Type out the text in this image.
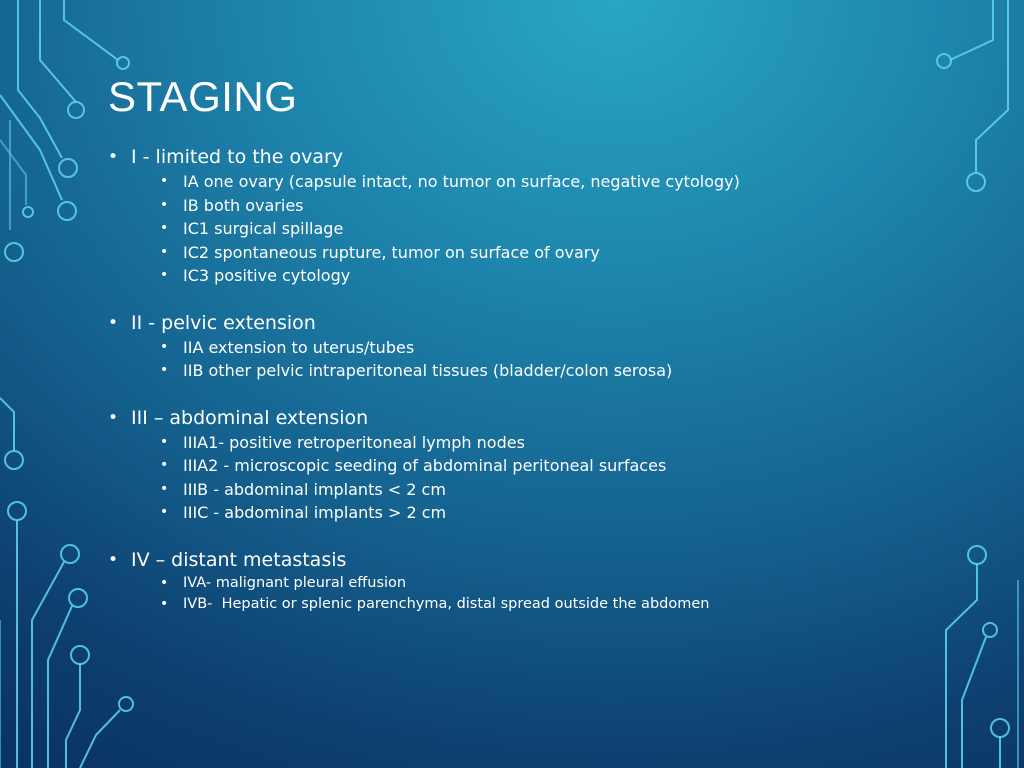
STAGING
• I - limited to the ovary
• IA one ovary (capsule intact, no tumor on surface, negative cytology)
• IB both ovaries
• IC1 surgical spillage
• IC2 spontaneous rupture, tumor on surface of ovary
• IC3 positive cytology
• II - pelvic extension
• IIA extension to uterus/tubes
• IIB other pelvic intraperitoneal tissues (bladder/colon serosa)
• III – abdominal extension
• IIIA1- positive retroperitoneal lymph nodes
• IIIA2 - microscopic seeding of abdominal peritoneal surfaces
• IIIB - abdominal implants < 2 cm
• IIIC - abdominal implants > 2 cm
• IV – distant metastasis
• IVA- malignant pleural effusion
• IVB-  Hepatic or splenic parenchyma, distal spread outside the abdomen
